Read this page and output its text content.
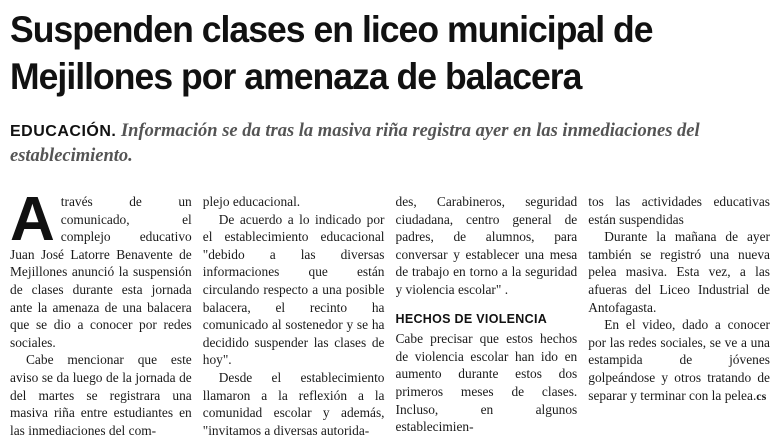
Suspenden clases en liceo municipal de Mejillones por amenaza de balacera
EDUCACIÓN. Información se da tras la masiva riña registra ayer en las inmediaciones del establecimiento.

Através de un comunicado, el complejo educativo Juan José Latorre Benavente de Mejillones anunció la suspensión de clases durante esta jornada ante la amenaza de una balacera que se dio a conocer por redes sociales.

Cabe mencionar que este aviso se da luego de la jornada de del martes se registrara una masiva riña entre estudiantes en las inmediaciones del com-

plejo educacional.

De acuerdo a lo indicado por el establecimiento educacional "debido a las diversas informaciones que están circulando respecto a una posible balacera, el recinto ha comunicado al sostenedor y se ha decidido suspender las clases de hoy".

Desde el establecimiento llamaron a la reflexión a la comunidad escolar y además, "invitamos a diversas autorida-

des, Carabineros, seguridad ciudadana, centro general de padres, de alumnos, para conversar y establecer una mesa de trabajo en torno a la seguridad y violencia escolar" .

HECHOS DE VIOLENCIA

Cabe precisar que estos hechos de violencia escolar han ido en aumento durante estos dos primeros meses de clases. Incluso, en algunos establecimien-

tos las actividades educativas están suspendidas

Durante la mañana de ayer también se registró una nueva pelea masiva. Esta vez, a las afueras del Liceo Industrial de Antofagasta.

En el video, dado a conocer por las redes sociales, se ve a una estampida de jóvenes golpeándose y otros tratando de separar y terminar con la pelea.cs
